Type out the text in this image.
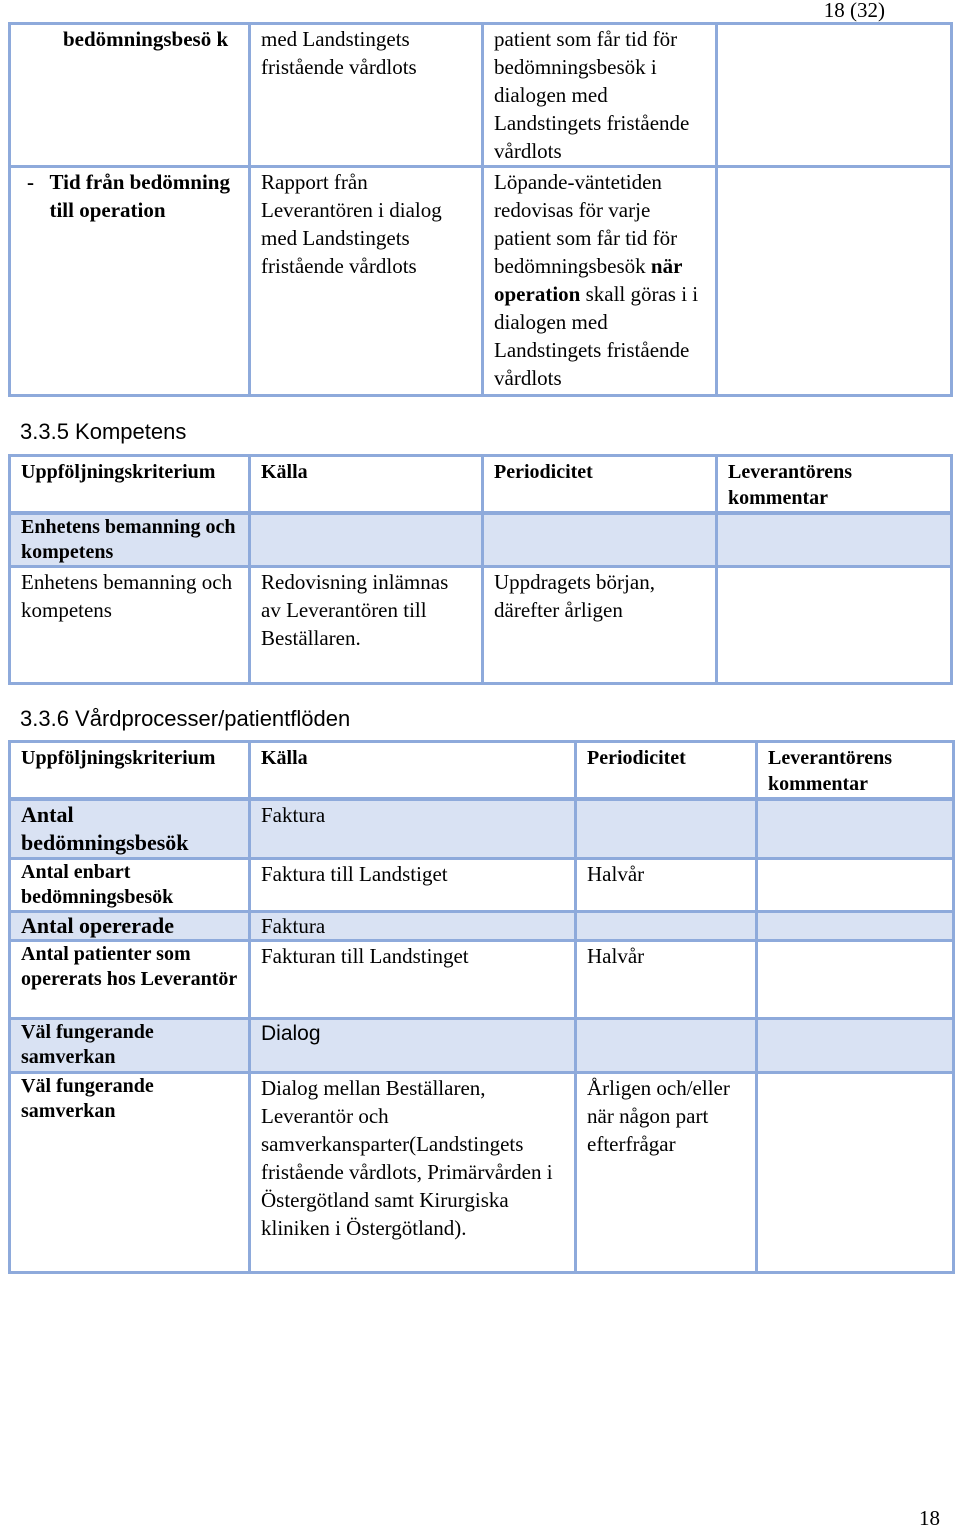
18 (32)
bedömningsbesö k	med Landstingets fristående vårdlots	patient som får tid för bedömningsbesök i dialogen med Landstingets fristående vårdlots	

- Tid från bedömning till operation	Rapport från Leverantören i dialog med Landstingets fristående vårdlots	Löpande-väntetiden redovisas för varje patient som får tid för bedömningsbesök när operation skall göras i i dialogen med Landstingets fristående vårdlots	
3.3.5 Kompetens
Uppföljningskriterium	Källa	Periodicitet	Leverantörens kommentar
Enhetens bemanning och kompetens			
Enhetens bemanning och kompetens	Redovisning inlämnas av Leverantören till Beställaren.	Uppdragets början, därefter årligen	
3.3.6 Vårdprocesser/patientflöden
Uppföljningskriterium	Källa	Periodicitet	Leverantörens kommentar
Antal bedömningsbesök	Faktura		
Antal enbart bedömningsbesök	Faktura till Landstiget	Halvår	
Antal opererade	Faktura		
Antal patienter som opererats hos Leverantör	Fakturan till Landstinget	Halvår	
Väl fungerande samverkan	Dialog		
Väl fungerande samverkan	Dialog mellan Beställaren, Leverantör och samverkansparter(Landstingets fristående vårdlots, Primärvården i Östergötland samt Kirurgiska kliniken i Östergötland).	Årligen och/eller när någon part efterfrågar	
18
